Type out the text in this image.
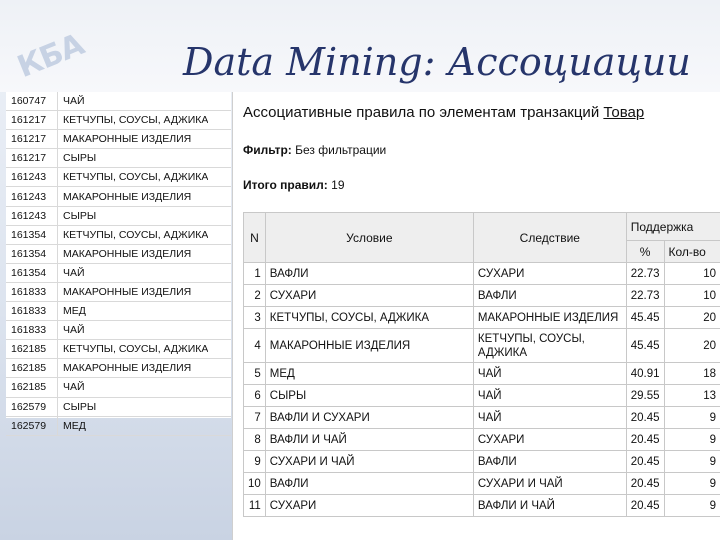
КБА Data Mining: Ассоциации
160747	ЧАЙ
161217	КЕТЧУПЫ, СОУСЫ, АДЖИКА
161217	МАКАРОННЫЕ ИЗДЕЛИЯ
161217	СЫРЫ
161243	КЕТЧУПЫ, СОУСЫ, АДЖИКА
161243	МАКАРОННЫЕ ИЗДЕЛИЯ
161243	СЫРЫ
161354	КЕТЧУПЫ, СОУСЫ, АДЖИКА
161354	МАКАРОННЫЕ ИЗДЕЛИЯ
161354	ЧАЙ
161833	МАКАРОННЫЕ ИЗДЕЛИЯ
161833	МЕД
161833	ЧАЙ
162185	КЕТЧУПЫ, СОУСЫ, АДЖИКА
162185	МАКАРОННЫЕ ИЗДЕЛИЯ
162185	ЧАЙ
162579	СЫРЫ
162579	МЕД
Ассоциативные правила по элементам транзакций Товар
Фильтр: Без фильтрации
Итого правил: 19
N	Условие	Следствие	Поддержка	
			%	Кол-во
1	ВАФЛИ	СУХАРИ	22.73	10
2	СУХАРИ	ВАФЛИ	22.73	10
3	КЕТЧУПЫ, СОУСЫ, АДЖИКА	МАКАРОННЫЕ ИЗДЕЛИЯ	45.45	20
4	МАКАРОННЫЕ ИЗДЕЛИЯ	КЕТЧУПЫ, СОУСЫ, АДЖИКА	45.45	20
5	МЕД	ЧАЙ	40.91	18
6	СЫРЫ	ЧАЙ	29.55	13
7	ВАФЛИ И СУХАРИ	ЧАЙ	20.45	9
8	ВАФЛИ И ЧАЙ	СУХАРИ	20.45	9
9	СУХАРИ И ЧАЙ	ВАФЛИ	20.45	9
10	ВАФЛИ	СУХАРИ И ЧАЙ	20.45	9
11	СУХАРИ	ВАФЛИ И ЧАЙ	20.45	9
